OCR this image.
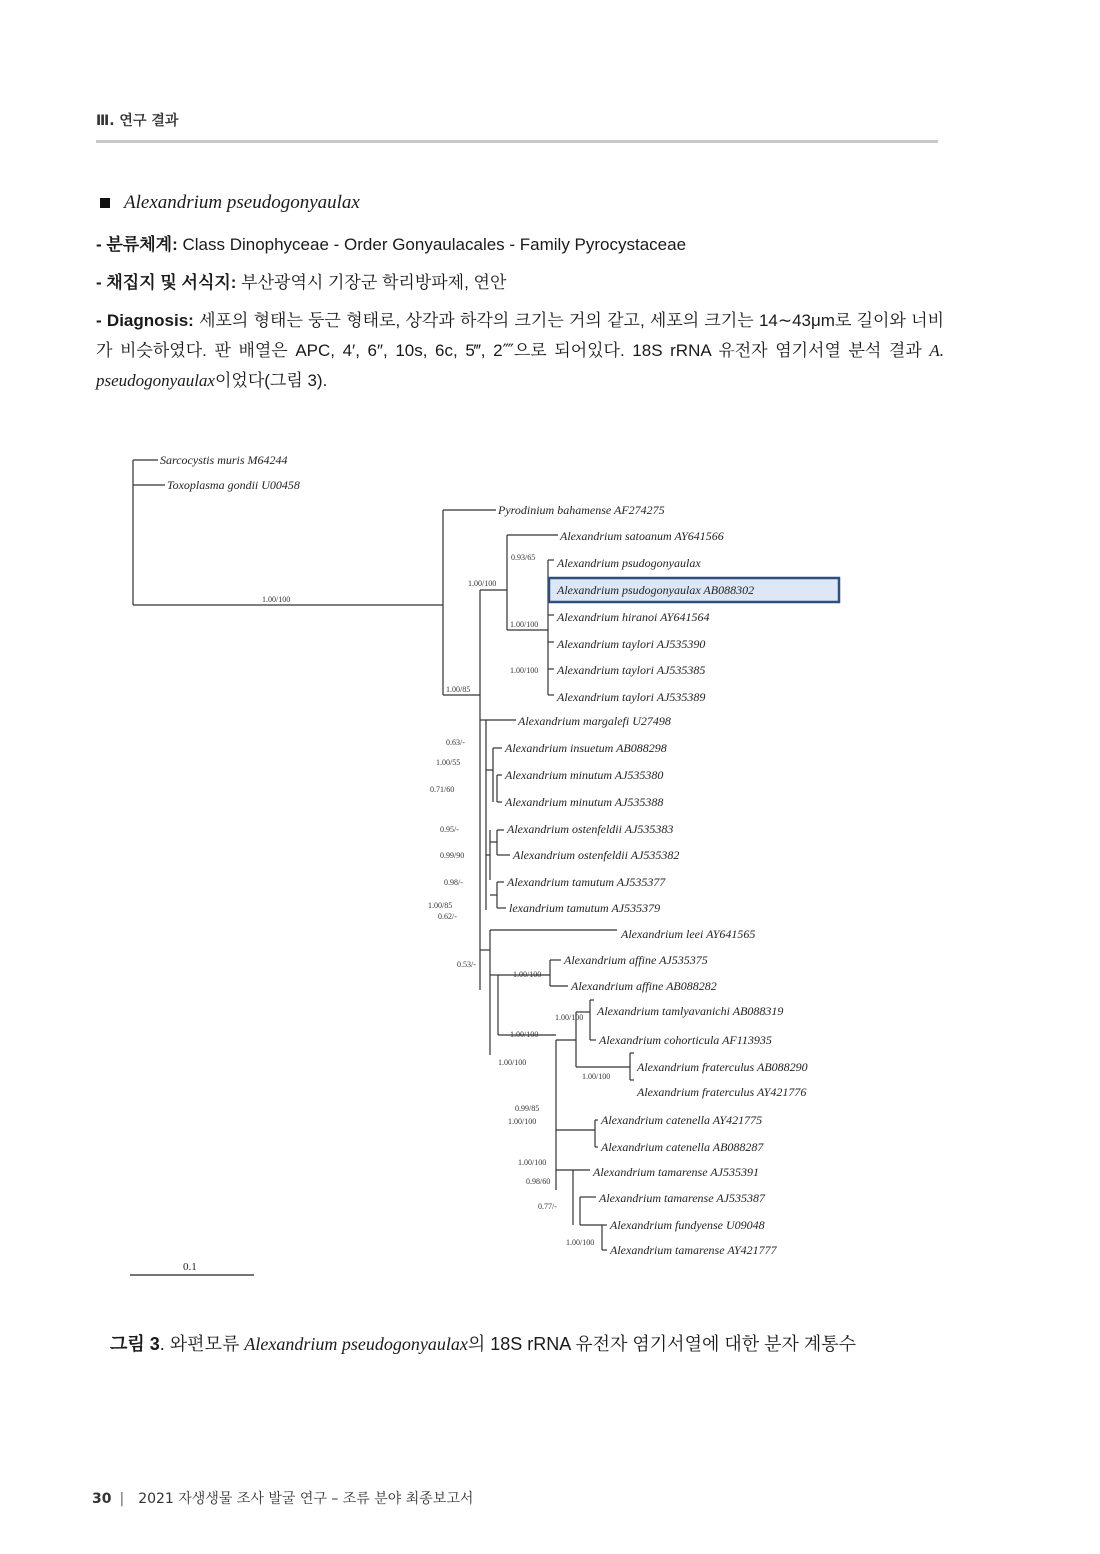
Ⅲ. 연구 결과
Alexandrium pseudogonyaulax
- 분류체계: Class Dinophyceae - Order Gonyaulacales - Family Pyrocystaceae
- 채집지 및 서식지: 부산광역시 기장군 학리방파제, 연안
- Diagnosis: 세포의 형태는 둥근 형태로, 상각과 하각의 크기는 거의 같고, 세포의 크기는 14∼43μm로 길이와 너비가 비슷하였다. 판 배열은 APC, 4′, 6″, 10s, 6c, 5‴, 2⁗으로 되어있다. 18S rRNA 유전자 염기서열 분석 결과 A. pseudogonyaulax이었다(그림 3).
Sarcocystis muris M64244
Toxoplasma gondii U00458
Pyrodinium bahamense AF274275
Alexandrium satoanum AY641566
Alexandrium psudogonyaulax
Alexandrium psudogonyaulax AB088302
Alexandrium hiranoi AY641564
Alexandrium taylori AJ535390
Alexandrium taylori AJ535385
Alexandrium taylori AJ535389
Alexandrium margalefi U27498
Alexandrium insuetum AB088298
Alexandrium minutum AJ535380
Alexandrium minutum AJ535388
Alexandrium ostenfeldii AJ535383
Alexandrium ostenfeldii AJ535382
Alexandrium tamutum AJ535377
lexandrium tamutum AJ535379
Alexandrium leei AY641565
Alexandrium affine AJ535375
Alexandrium affine AB088282
Alexandrium tamlyavanichi AB088319
Alexandrium cohorticula AF113935
Alexandrium fraterculus AB088290
Alexandrium fraterculus AY421776
Alexandrium catenella AY421775
Alexandrium catenella AB088287
Alexandrium tamarense AJ535391
Alexandrium tamarense AJ535387
Alexandrium fundyense U09048
Alexandrium tamarense AY421777
1.00/100
0.93/65
1.00/100
1.00/100
1.00/100
1.00/85
0.63/-
1.00/55
0.71/60
0.95/-
0.99/90
0.98/-
1.00/85
0.62/-
0.53/-
1.00/100
1.00/100
1.00/100
1.00/100
1.00/100
0.99/85
1.00/100
1.00/100
0.98/60
0.77/-
1.00/100
0.1
그림 3. 와편모류 Alexandrium pseudogonyaulax의 18S rRNA 유전자 염기서열에 대한 분자 계통수
30 | 2021 자생생물 조사 발굴 연구 – 조류 분야 최종보고서
